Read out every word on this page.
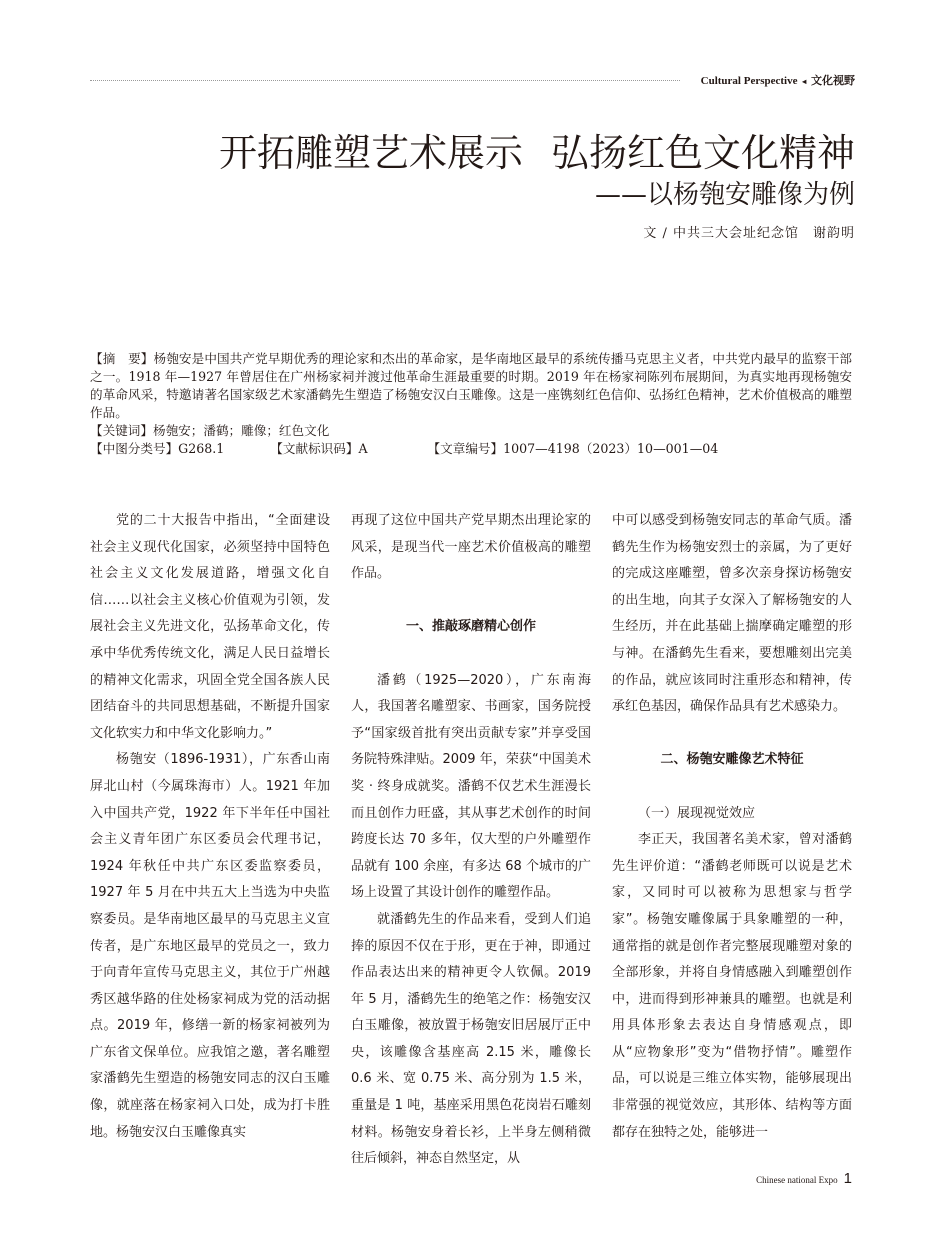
Cultural Perspective ◂ 文化视野
开拓雕塑艺术展示 弘扬红色文化精神
——以杨匏安雕像为例
文 / 中共三大会址纪念馆　谢韵明

【摘　要】杨匏安是中国共产党早期优秀的理论家和杰出的革命家，是华南地区最早的系统传播马克思主义者，中共党内最早的监察干部之一。1918 年—1927 年曾居住在广州杨家祠并渡过他革命生涯最重要的时期。2019 年在杨家祠陈列布展期间，为真实地再现杨匏安的革命风采，特邀请著名国家级艺术家潘鹤先生塑造了杨匏安汉白玉雕像。这是一座镌刻红色信仰、弘扬红色精神，艺术价值极高的雕塑作品。

【关键词】杨匏安；潘鹤；雕像；红色文化

【中图分类号】G268.1	【文献标识码】A	【文章编号】1007—4198（2023）10—001—04

党的二十大报告中指出，“全面建设社会主义现代化国家，必须坚持中国特色社会主义文化发展道路，增强文化自信……以社会主义核心价值观为引领，发展社会主义先进文化，弘扬革命文化，传承中华优秀传统文化，满足人民日益增长的精神文化需求，巩固全党全国各族人民团结奋斗的共同思想基础，不断提升国家文化软实力和中华文化影响力。”

杨匏安（1896-1931），广东香山南屏北山村（今属珠海市）人。1921 年加入中国共产党，1922 年下半年任中国社会主义青年团广东区委员会代理书记，1924 年秋任中共广东区委监察委员，1927 年 5 月在中共五大上当选为中央监察委员。是华南地区最早的马克思主义宣传者，是广东地区最早的党员之一，致力于向青年宣传马克思主义，其位于广州越秀区越华路的住处杨家祠成为党的活动据点。2019 年，修缮一新的杨家祠被列为广东省文保单位。应我馆之邀，著名雕塑家潘鹤先生塑造的杨匏安同志的汉白玉雕像，就座落在杨家祠入口处，成为打卡胜地。杨匏安汉白玉雕像真实

再现了这位中国共产党早期杰出理论家的风采，是现当代一座艺术价值极高的雕塑作品。

一、推敲琢磨精心创作

潘鹤（1925—2020），广东南海人，我国著名雕塑家、书画家，国务院授予“国家级首批有突出贡献专家”并享受国务院特殊津贴。2009 年，荣获“中国美术奖 · 终身成就奖。潘鹤不仅艺术生涯漫长而且创作力旺盛，其从事艺术创作的时间跨度长达 70 多年，仅大型的户外雕塑作品就有 100 余座，有多达 68 个城市的广场上设置了其设计创作的雕塑作品。

就潘鹤先生的作品来看，受到人们追捧的原因不仅在于形，更在于神，即通过作品表达出来的精神更令人钦佩。2019 年 5 月，潘鹤先生的绝笔之作：杨匏安汉白玉雕像，被放置于杨匏安旧居展厅正中央，该雕像含基座高 2.15 米，雕像长 0.6 米、宽 0.75 米、高分别为 1.5 米，重量是 1 吨，基座采用黑色花岗岩石雕刻材料。杨匏安身着长衫，上半身左侧稍微往后倾斜，神态自然坚定，从

中可以感受到杨匏安同志的革命气质。潘鹤先生作为杨匏安烈士的亲属，为了更好的完成这座雕塑，曾多次亲身探访杨匏安的出生地，向其子女深入了解杨匏安的人生经历，并在此基础上揣摩确定雕塑的形与神。在潘鹤先生看来，要想雕刻出完美的作品，就应该同时注重形态和精神，传承红色基因，确保作品具有艺术感染力。

二、杨匏安雕像艺术特征

（一）展现视觉效应

李正天，我国著名美术家，曾对潘鹤先生评价道：“潘鹤老师既可以说是艺术家，又同时可以被称为思想家与哲学家”。杨匏安雕像属于具象雕塑的一种，通常指的就是创作者完整展现雕塑对象的全部形象，并将自身情感融入到雕塑创作中，进而得到形神兼具的雕塑。也就是利用具体形象去表达自身情感观点，即从“应物象形”变为“借物抒情”。雕塑作品，可以说是三维立体实物，能够展现出非常强的视觉效应，其形体、结构等方面都存在独特之处，能够进一

Chinese national Expo 1
